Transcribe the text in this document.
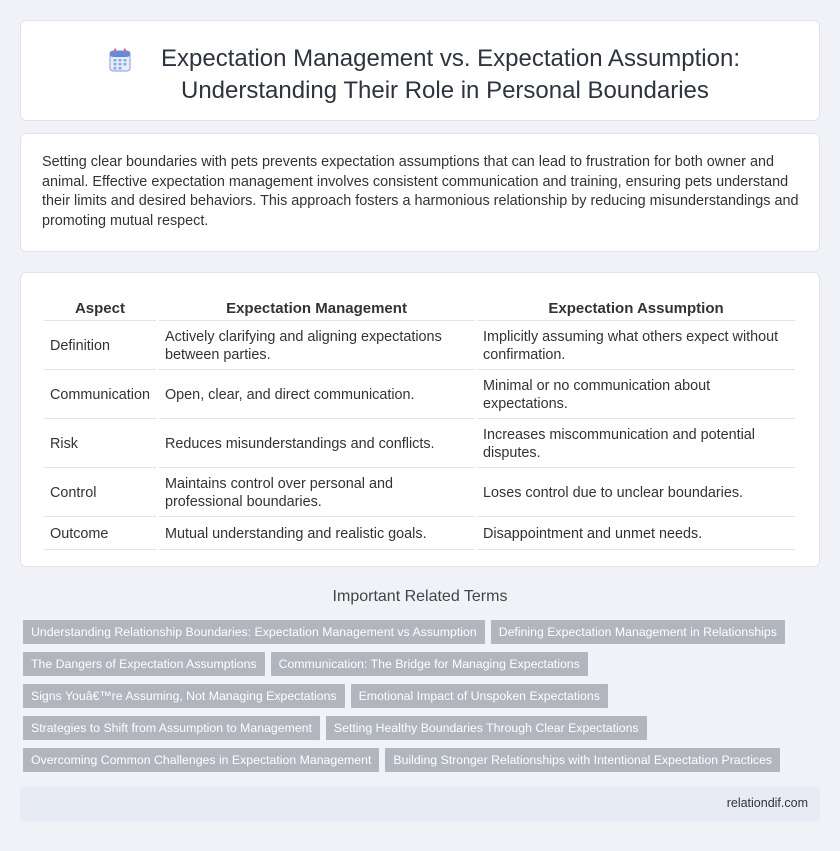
Expectation Management vs. Expectation Assumption:
Understanding Their Role in Personal Boundaries
Setting clear boundaries with pets prevents expectation assumptions that can lead to frustration for both owner and animal. Effective expectation management involves consistent communication and training, ensuring pets understand their limits and desired behaviors. This approach fosters a harmonious relationship by reducing misunderstandings and promoting mutual respect.
Aspect	Expectation Management	Expectation Assumption
Definition	Actively clarifying and aligning expectations between parties.	Implicitly assuming what others expect without confirmation.
Communication	Open, clear, and direct communication.	Minimal or no communication about expectations.
Risk	Reduces misunderstandings and conflicts.	Increases miscommunication and potential disputes.
Control	Maintains control over personal and professional boundaries.	Loses control due to unclear boundaries.
Outcome	Mutual understanding and realistic goals.	Disappointment and unmet needs.
Important Related Terms
Understanding Relationship Boundaries: Expectation Management vs Assumption Defining Expectation Management in Relationships
The Dangers of Expectation Assumptions Communication: The Bridge for Managing Expectations
Signs Youâ€™re Assuming, Not Managing Expectations Emotional Impact of Unspoken Expectations
Strategies to Shift from Assumption to Management Setting Healthy Boundaries Through Clear Expectations
Overcoming Common Challenges in Expectation Management Building Stronger Relationships with Intentional Expectation Practices
relationdif.com
